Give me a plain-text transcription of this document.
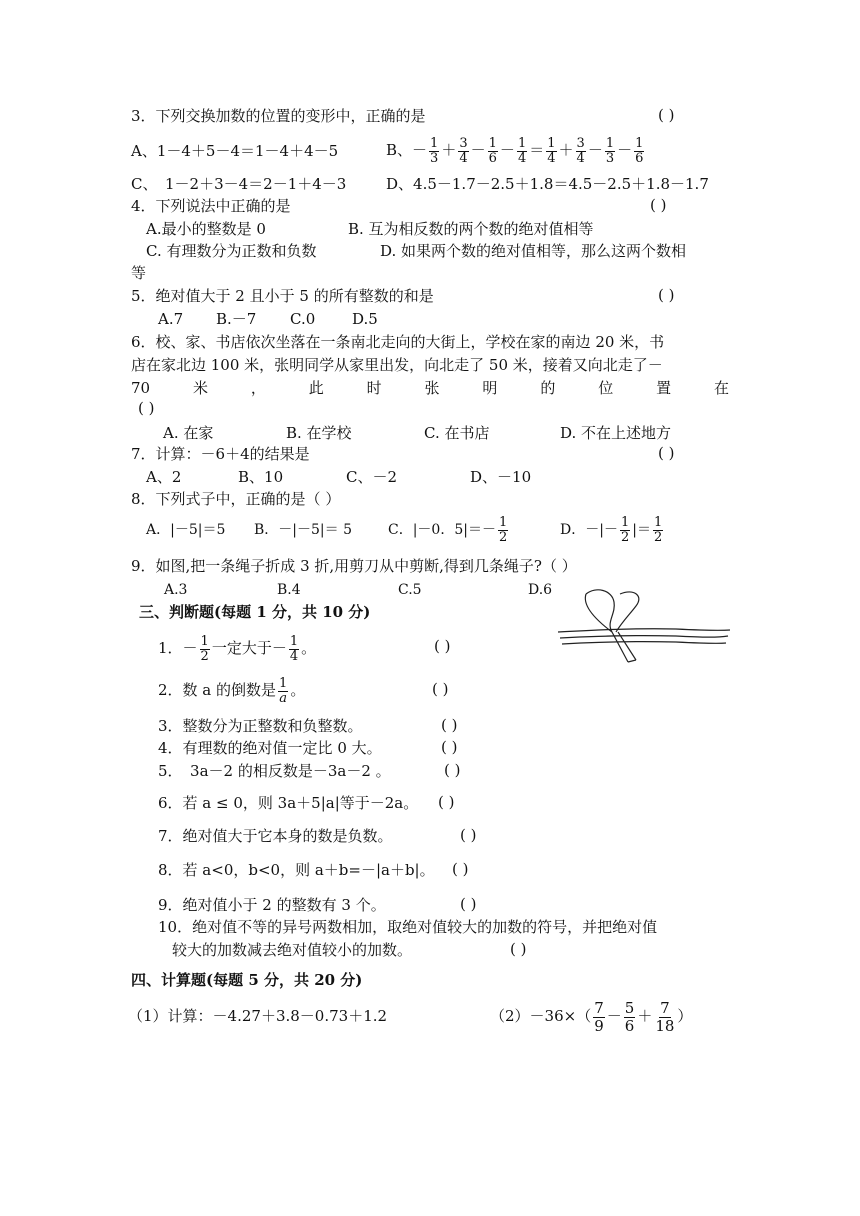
3．下列交换加数的位置的变形中，正确的是	( )
A、1－4＋5－4＝1－4＋4－5	B、－ $\frac{1}{3} + \frac{3}{4} - \frac{1}{6} - \frac{1}{4} = \frac{1}{4} + \frac{3}{4} - \frac{1}{3} - \frac{1}{6}$
C、　1－2＋3－4＝2－1＋4－3	D、4.5－1.7－2.5＋1.8＝4.5－2.5＋1.8－1.7
4．下列说法中正确的是	( )
A.最小的整数是 0	B. 互为相反数的两个数的绝对值相等
C. 有理数分为正数和负数	D. 如果两个数的绝对值相等，那么这两个数相
等
5．绝对值大于 2 且小于 5 的所有整数的和是	( )
A.7 B.－7 C.0 D.5
6．校、家、书店依次坐落在一条南北走向的大街上，学校在家的南边 20 米，书
店在家北边 100 米，张明同学从家里出发，向北走了 50 米，接着又向北走了－
70	米	，	此	时	张	明	的	位	置	在
( )
A. 在家	B. 在学校	C. 在书店	D. 不在上述地方
7．计算：－6＋4的结果是	( )
A、2	B、10	C、－2	D、－10
8．下列式子中，正确的是（ ）
A．|－5|＝5 B．－|－5|＝ 5	C．|－0．$5|=- \frac{1}{2}$	D．－|－ $\frac{1}{2}$ |＝ $\frac{1}{2}$
9．如图,把一条绳子折成 3 折,用剪刀从中剪断,得到几条绳子?（ ）
A.3	B.4	C.5	D.6
三、判断题(每题 1 分，共 10 分)
1．－ $\frac{1}{2}$ 一定大于－ $\frac{1}{4}$ 。	( )
2．数 a 的倒数是 $\frac{1}{a}$ 。	( )
3．整数分为正整数和负整数。	( )
4．有理数的绝对值一定比 0 大。	( )
5．　3a－2 的相反数是－3a－2 。	( )
6．若 a ≤ 0，则 3a＋5|a|等于－2a。 ( )
7．绝对值大于它本身的数是负数。	( )
8．若 a<0，b<0，则 a＋b=－|a＋b|。 ( )
9．绝对值小于 2 的整数有 3 个。	( )
10．绝对值不等的异号两数相加，取绝对值较大的加数的符号，并把绝对值
较大的加数减去绝对值较小的加数。	( )
四、计算题(每题 5 分，共 20 分)
（1）计算：－4.27＋3.8－0.73＋1.2	$(2)-36\times( \frac{7}{9} - \frac{5}{6} + \frac{7}{18}$ ）
